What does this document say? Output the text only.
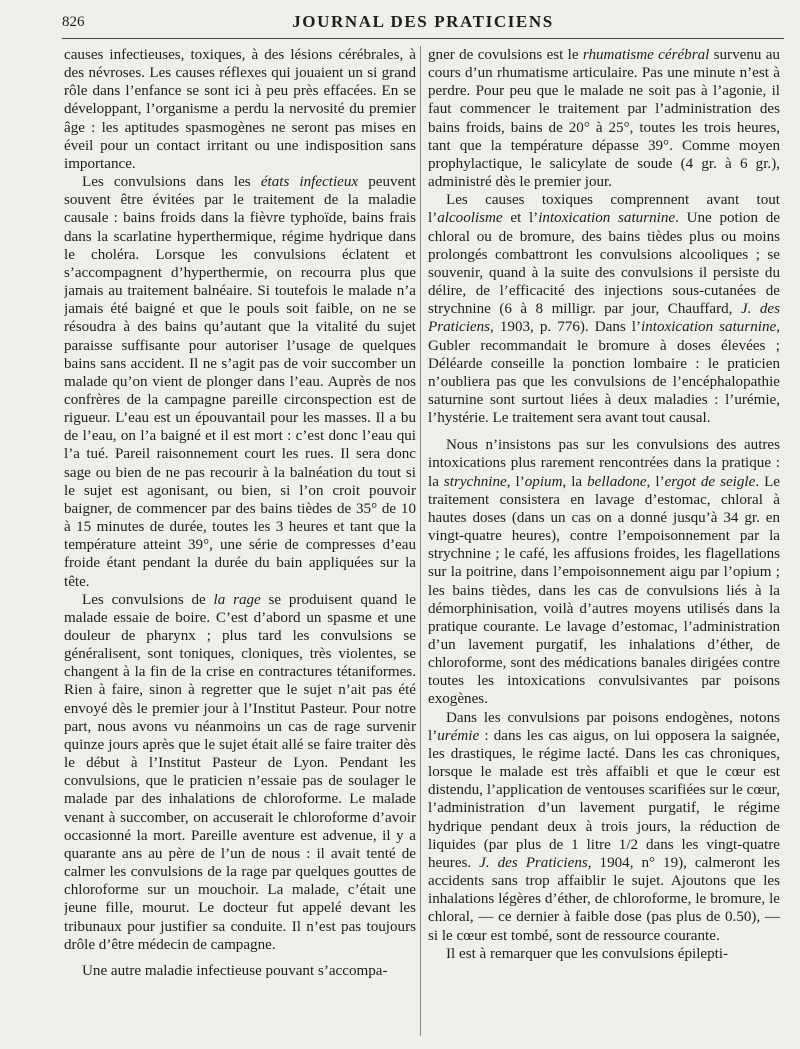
826	JOURNAL DES PRATICIENS

causes infectieuses, toxiques, à des lésions cérébrales, à des névroses. Les causes réflexes qui jouaient un si grand rôle dans l’enfance se sont ici à peu près effacées. En se développant, l’organisme a perdu la nervosité du premier âge : les aptitudes spasmogènes ne seront pas mises en éveil pour un contact irritant ou une indisposition sans importance.

Les convulsions dans les états infectieux peuvent souvent être évitées par le traitement de la maladie causale : bains froids dans la fièvre typhoïde, bains frais dans la scarlatine hyperthermique, régime hydrique dans le choléra. Lorsque les convulsions éclatent et s’accompagnent d’hyperthermie, on recourra plus que jamais au traitement balnéaire. Si toutefois le malade n’a jamais été baigné et que le pouls soit faible, on ne se résoudra à des bains qu’autant que la vitalité du sujet paraisse suffisante pour autoriser l’usage de quelques bains sans accident. Il ne s’agit pas de voir succomber un malade qu’on vient de plonger dans l’eau. Auprès de nos confrères de la campagne pareille circonspection est de rigueur. L’eau est un épouvantail pour les masses. Il a bu de l’eau, on l’a baigné et il est mort : c’est donc l’eau qui l’a tué. Pareil raisonnement court les rues. Il sera donc sage ou bien de ne pas recourir à la balnéation du tout si le sujet est agonisant, ou bien, si l’on croit pouvoir baigner, de commencer par des bains tièdes de 35° de 10 à 15 minutes de durée, toutes les 3 heures et tant que la température atteint 39°, une série de compresses d’eau froide étant pendant la durée du bain appliquées sur la tête.

Les convulsions de la rage se produisent quand le malade essaie de boire. C’est d’abord un spasme et une douleur de pharynx ; plus tard les convulsions se généralisent, sont toniques, cloniques, très violentes, se changent à la fin de la crise en contractures tétaniformes. Rien à faire, sinon à regretter que le sujet n’ait pas été envoyé dès le premier jour à l’Institut Pasteur. Pour notre part, nous avons vu néanmoins un cas de rage survenir quinze jours après que le sujet était allé se faire traiter dès le début à l’Institut Pasteur de Lyon. Pendant les convulsions, que le praticien n’essaie pas de soulager le malade par des inhalations de chloroforme. Le malade venant à succomber, on accuserait le chloroforme d’avoir occasionné la mort. Pareille aventure est advenue, il y a quarante ans au père de l’un de nous : il avait tenté de calmer les convulsions de la rage par quelques gouttes de chloroforme sur un mouchoir. La malade, c’était une jeune fille, mourut. Le docteur fut appelé devant les tribunaux pour justifier sa conduite. Il n’est pas toujours drôle d’être médecin de campagne.

Une autre maladie infectieuse pouvant s’accompa-

gner de covulsions est le rhumatisme cérébral survenu au cours d’un rhumatisme articulaire. Pas une minute n’est à perdre. Pour peu que le malade ne soit pas à l’agonie, il faut commencer le traitement par l’administration des bains froids, bains de 20° à 25°, toutes les trois heures, tant que la température dépasse 39°. Comme moyen prophylactique, le salicylate de soude (4 gr. à 6 gr.), administré dès le premier jour.

Les causes toxiques comprennent avant tout l’alcoolisme et l’intoxication saturnine. Une potion de chloral ou de bromure, des bains tièdes plus ou moins prolongés combattront les convulsions alcooliques ; se souvenir, quand à la suite des convulsions il persiste du délire, de l’efficacité des injections sous-cutanées de strychnine (6 à 8 milligr. par jour, Chauffard, J. des Praticiens, 1903, p. 776). Dans l’intoxication saturnine, Gubler recommandait le bromure à doses élevées ; Déléarde conseille la ponction lombaire : le praticien n’oubliera pas que les convulsions de l’encéphalopathie saturnine sont surtout liées à deux maladies : l’urémie, l’hystérie. Le traitement sera avant tout causal.

Nous n’insistons pas sur les convulsions des autres intoxications plus rarement rencontrées dans la pratique : la strychnine, l’opium, la belladone, l’ergot de seigle. Le traitement consistera en lavage d’estomac, chloral à hautes doses (dans un cas on a donné jusqu’à 34 gr. en vingt-quatre heures), contre l’empoisonnement par la strychnine ; le café, les affusions froides, les flagellations sur la poitrine, dans l’empoisonnement aigu par l’opium ; les bains tièdes, dans les cas de convulsions liés à la démorphinisation, voilà d’autres moyens utilisés dans la pratique courante. Le lavage d’estomac, l’administration d’un lavement purgatif, les inhalations d’éther, de chloroforme, sont des médications banales dirigées contre toutes les intoxications convulsivantes par poisons exogènes.

Dans les convulsions par poisons endogènes, notons l’urémie : dans les cas aigus, on lui opposera la saignée, les drastiques, le régime lacté. Dans les cas chroniques, lorsque le malade est très affaibli et que le cœur est distendu, l’application de ventouses scarifiées sur le cœur, l’administration d’un lavement purgatif, le régime hydrique pendant deux à trois jours, la réduction de liquides (par plus de 1 litre 1/2 dans les vingt-quatre heures. J. des Praticiens, 1904, n° 19), calmeront les accidents sans trop affaiblir le sujet. Ajoutons que les inhalations légères d’éther, de chloroforme, le bromure, le chloral, — ce dernier à faible dose (pas plus de 0.50), — si le cœur est tombé, sont de ressource courante.

Il est à remarquer que les convulsions épilepti-
